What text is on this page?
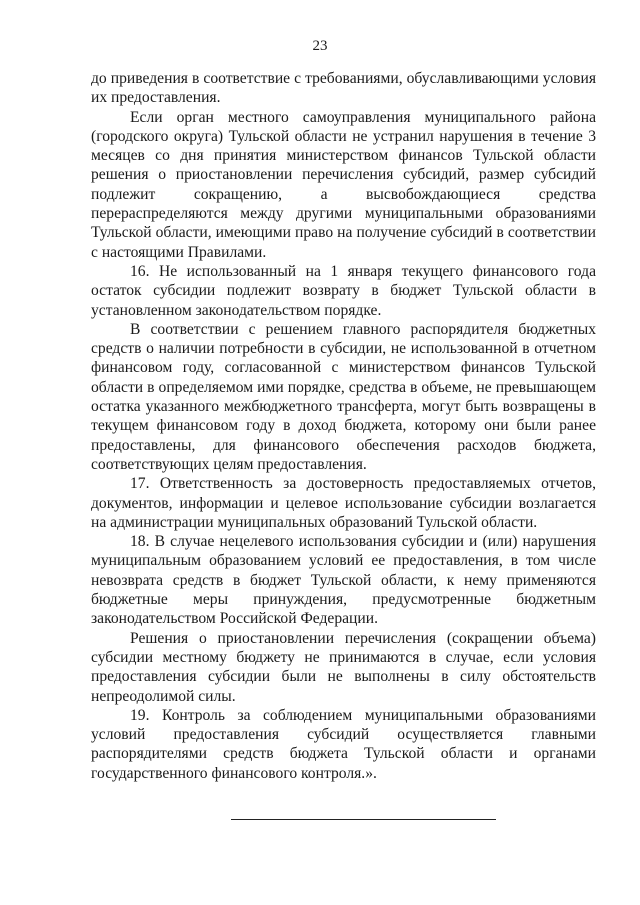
23

до приведения в соответствие с требованиями, обуславливающими условия их предоставления.

Если орган местного самоуправления муниципального района (городского округа) Тульской области не устранил нарушения в течение 3 месяцев со дня принятия министерством финансов Тульской области решения о приостановлении перечисления субсидий, размер субсидий подлежит сокращению, а высвобождающиеся средства перераспределяются между другими муниципальными образованиями Тульской области, имеющими право на получение субсидий в соответствии с настоящими Правилами.

16. Не использованный на 1 января текущего финансового года остаток субсидии подлежит возврату в бюджет Тульской области в установленном законодательством порядке.

В соответствии с решением главного распорядителя бюджетных средств о наличии потребности в субсидии, не использованной в отчетном финансовом году, согласованной с министерством финансов Тульской области в определяемом ими порядке, средства в объеме, не превышающем остатка указанного межбюджетного трансферта, могут быть возвращены в текущем финансовом году в доход бюджета, которому они были ранее предоставлены, для финансового обеспечения расходов бюджета, соответствующих целям предоставления.

17. Ответственность за достоверность предоставляемых отчетов, документов, информации и целевое использование субсидии возлагается на администрации муниципальных образований Тульской области.

18. В случае нецелевого использования субсидии и (или) нарушения муниципальным образованием условий ее предоставления, в том числе невозврата средств в бюджет Тульской области, к нему применяются бюджетные меры принуждения, предусмотренные бюджетным законодательством Российской Федерации.

Решения о приостановлении перечисления (сокращении объема) субсидии местному бюджету не принимаются в случае, если условия предоставления субсидии были не выполнены в силу обстоятельств непреодолимой силы.

19. Контроль за соблюдением муниципальными образованиями условий предоставления субсидий осуществляется главными распорядителями средств бюджета Тульской области и органами государственного финансового контроля.».
